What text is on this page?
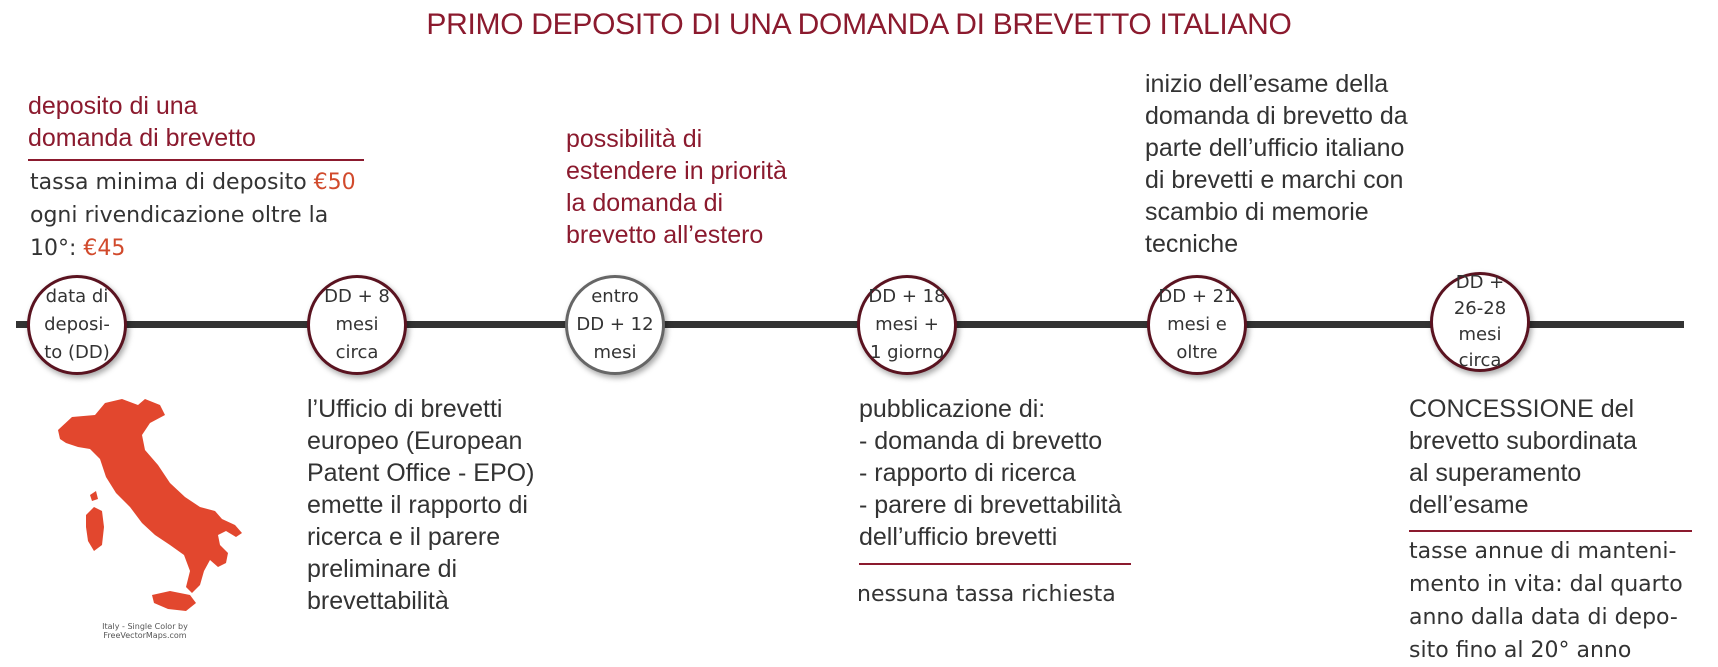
PRIMO DEPOSITO DI UNA DOMANDA DI BREVETTO ITALIANO
data di
deposi-
to (DD)
DD + 8
mesi
circa
entro
DD + 12
mesi
DD + 18
mesi +
1 giorno
DD + 21
mesi e
oltre
DD +
26-28
mesi
circa
deposito di una
domanda di brevetto
tassa minima di deposito €50
ogni rivendicazione oltre la
10°: €45
possibilità di
estendere in priorità
la domanda di
brevetto all’estero
l’Ufficio di brevetti
europeo (European
Patent Office - EPO)
emette il rapporto di
ricerca e il parere
preliminare di
brevettabilità
pubblicazione di:
- domanda di brevetto
- rapporto di ricerca
- parere di brevettabilità
dell’ufficio brevetti
nessuna tassa richiesta
inizio dell’esame della
domanda di brevetto da
parte dell’ufficio italiano
di brevetti e marchi con
scambio di memorie
tecniche
CONCESSIONE del
brevetto subordinata
al superamento
dell’esame
tasse annue di manteni-
mento in vita: dal quarto
anno dalla data di depo-
sito fino al 20° anno
Italy - Single Color by FreeVectorMaps.com
